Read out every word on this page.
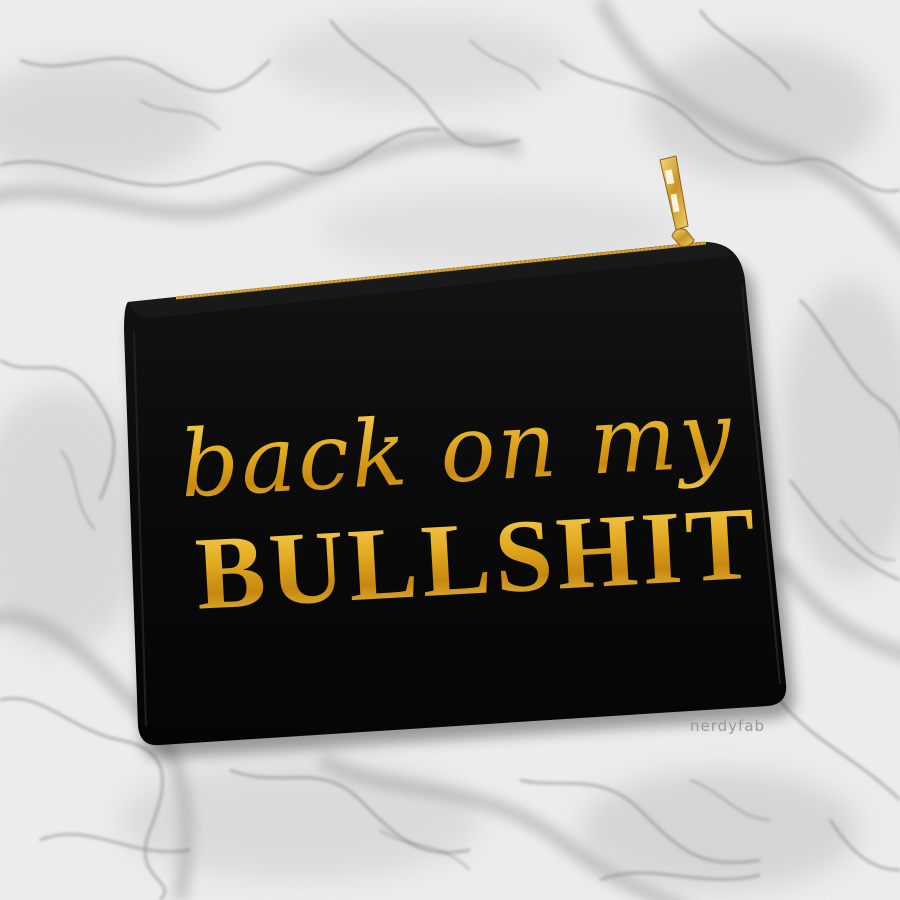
back on my
BULLSHIT
nerdyfab
